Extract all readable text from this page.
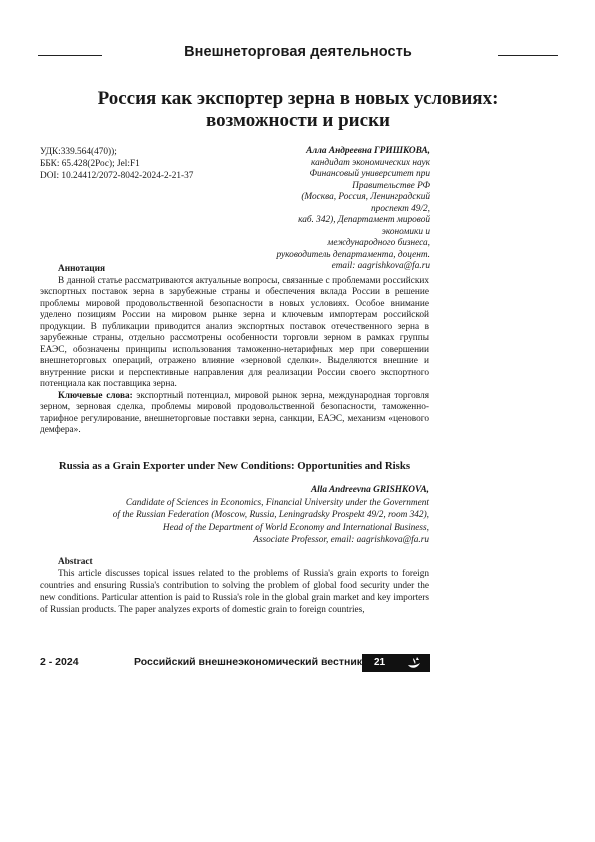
Внешнеторговая деятельность
Россия как экспортер зерна в новых условиях:
возможности и риски
УДК:339.564(470));
ББК: 65.428(2Рос); Jel:F1
DOI: 10.24412/2072-8042-2024-2-21-37
Алла Андреевна ГРИШКОВА,
кандидат экономических наук
Финансовый университет при Правительстве РФ
(Москва, Россия, Ленинградский проспект 49/2,
каб. 342), Департамент мировой экономики и
международного бизнеса,
руководитель департамента, доцент.
email: aagrishkova@fa.ru
Аннотация

В данной статье рассматриваются актуальные вопросы, связанные с проблемами российских экспортных поставок зерна в зарубежные страны и обеспечения вклада России в решение проблемы мировой продовольственной безопасности в новых условиях. Особое внимание уделено позициям России на мировом рынке зерна и ключевым импортерам российской продукции. В публикации приводится анализ экспортных поставок отечественного зерна в зарубежные страны, отдельно рассмотрены особенности торговли зерном в рамках группы ЕАЭС, обозначены принципы использования таможенно-нетарифных мер при совершении внешнеторговых операций, отражено влияние «зерновой сделки». Выделяются внешние и внутренние риски и перспективные направления для реализации России своего экспортного потенциала как поставщика зерна.

Ключевые слова: экспортный потенциал, мировой рынок зерна, международная торговля зерном, зерновая сделка, проблемы мировой продовольственной безопасности, таможенно-тарифное регулирование, внешнеторговые поставки зерна, санкции, ЕАЭС, механизм «ценового демфера».

Russia as a Grain Exporter under New Conditions: Opportunities and Risks
Alla Andreevna GRISHKOVA,
Candidate of Sciences in Economics, Financial University under the Government
of the Russian Federation (Moscow, Russia, Leningradsky Prospekt 49/2, room 342),
Head of the Department of World Economy and International Business,
Associate Professor, email: aagrishkova@fa.ru
Abstract

This article discusses topical issues related to the problems of Russia's grain exports to foreign countries and ensuring Russia's contribution to solving the problem of global food security under the new conditions. Particular attention is paid to Russia's role in the global grain market and key importers of Russian products. The paper analyzes exports of domestic grain to foreign countries,

2 - 2024	Российский внешнеэкономический вестник 21
